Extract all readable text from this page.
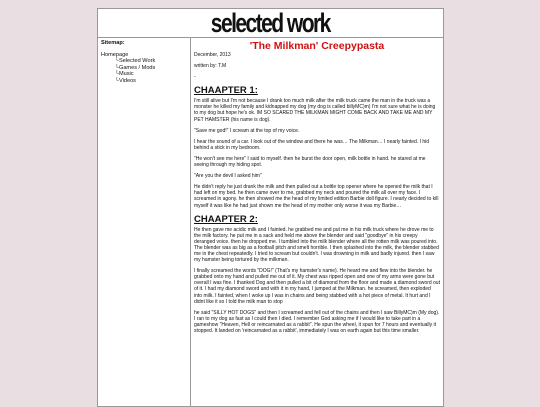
selected work
Sitemap:
Homepage
└ Selected Work
└ Games / Mods
└ Music
└ Videos
'The Milkman' Creepypasta

December, 2013

written by: T.M

-

CHAAPTER 1:

I'm still alive but I'm not because I drank too much milk after the milk truck came the man in the truck was a monster he killed my family and kidnapped my dog (my dog is called billyMC)m) I'm not sure what he is doing to my dog but hope he's ok. IM SO SCARED THE MILKMAN MIGHT COME BACK AND TAKE ME AND MY PET HAMSTER (his name is dog).

"Save me god!" I scream at the top of my voice.

I hear the sound of a car. I look out of the window and there he was… The Milkman… I nearly fainted. I hid behind a stick in my bedroom.

"He won't see me here" I said to myself. then he burst the door open, milk bottle in hand. he stared at me seeing through my hiding spot.

"Are you the devil I asked him"

He didn't reply he just drank the milk and then pulled out a bottle top opener where he opened the milk that I had left on my bed. he then came over to me, grabbed my neck and poured the milk all over my face. I screamed in agony. he then showed me the head of my limited edition Barbie doll figure. I nearly decided to kill myself it was like he had just shown me the head of my mother only worse it was my Barbie…

CHAAPTER 2:

He then gave me acidic milk and I fainted. he grabbed me and put me in his milk truck where he drove me to the milk factory. he put me in a sack and held me above the blender and said "goodbye" in his creepy deranged voice. then he dropped me. I tumbled into the milk blender where all the rotten milk was poured into. The blender was as big as a football pitch and smelt horrible. I then splashed into the milk, the blender stabbed me in the chest repeatedly. I tried to scream but couldn't. I was drowning in milk and badly injured. then I saw my hamster being tortured by the milkman.

I finally screamed the words "DOG!" (That's my hamster's name). He heard me and flew into the blender. he grabbed onto my hand and pulled me out of it. My chest was ripped open and one of my arms were gone but overall I was fine. I thanked Dog and then pulled a bit of diamond from the floor and made a diamond sword out of it. I had my diamond sword and with it in my hand, I jumped at the Milkman. he screamed, then exploded into milk. I fainted, when I woke up I was in chains and being stabbed with a hot piece of metal. It hurt and I didnt like it so I told the milk man to stop

he said "SILLY HOT DOGS" and then I screamed and fell out of the chains and then I saw BillyMC)m (My dog). I ran to my dog as fast as I could then I died. I remember God asking me if I would like to take part in a gameshow "Heaven, Hell or reincarnated as a rabbit". He spun the wheel, it spun for 7 hours and eventually it stopped. It landed on 'reincarnated as a rabbit', immediately I was on earth again but this time smaller.
